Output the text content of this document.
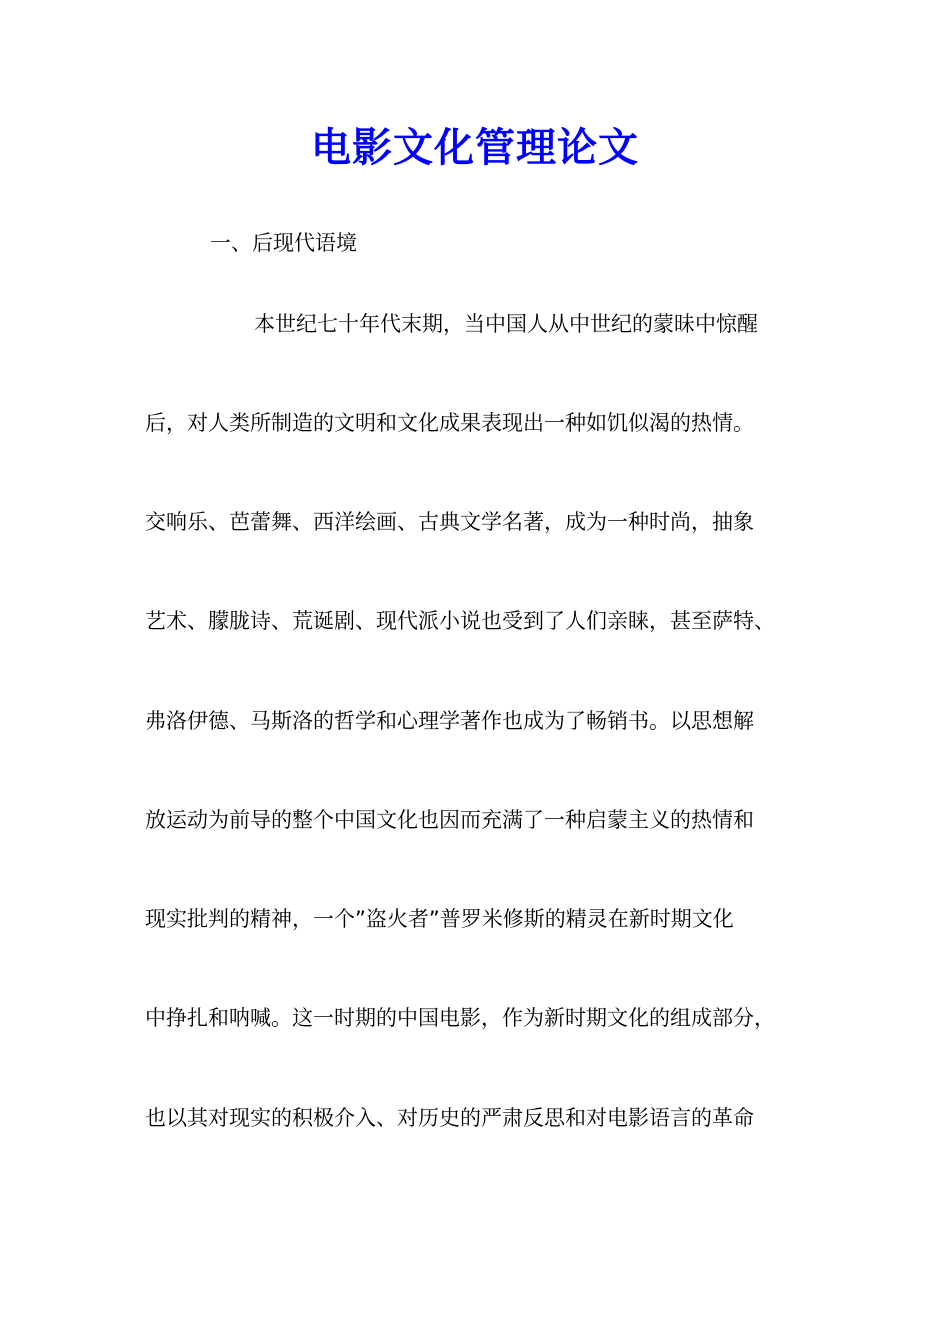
电影文化管理论文

一、后现代语境

本世纪七十年代末期，当中国人从中世纪的蒙昧中惊醒

后，对人类所制造的文明和文化成果表现出一种如饥似渴的热情。

交响乐、芭蕾舞、西洋绘画、古典文学名著，成为一种时尚，抽象

艺术、朦胧诗、荒诞剧、现代派小说也受到了人们亲睐，甚至萨特、

弗洛伊德、马斯洛的哲学和心理学著作也成为了畅销书。以思想解

放运动为前导的整个中国文化也因而充满了一种启蒙主义的热情和

现实批判的精神，一个”盗火者”普罗米修斯的精灵在新时期文化

中挣扎和呐喊。这一时期的中国电影，作为新时期文化的组成部分，

也以其对现实的积极介入、对历史的严肃反思和对电影语言的革命
